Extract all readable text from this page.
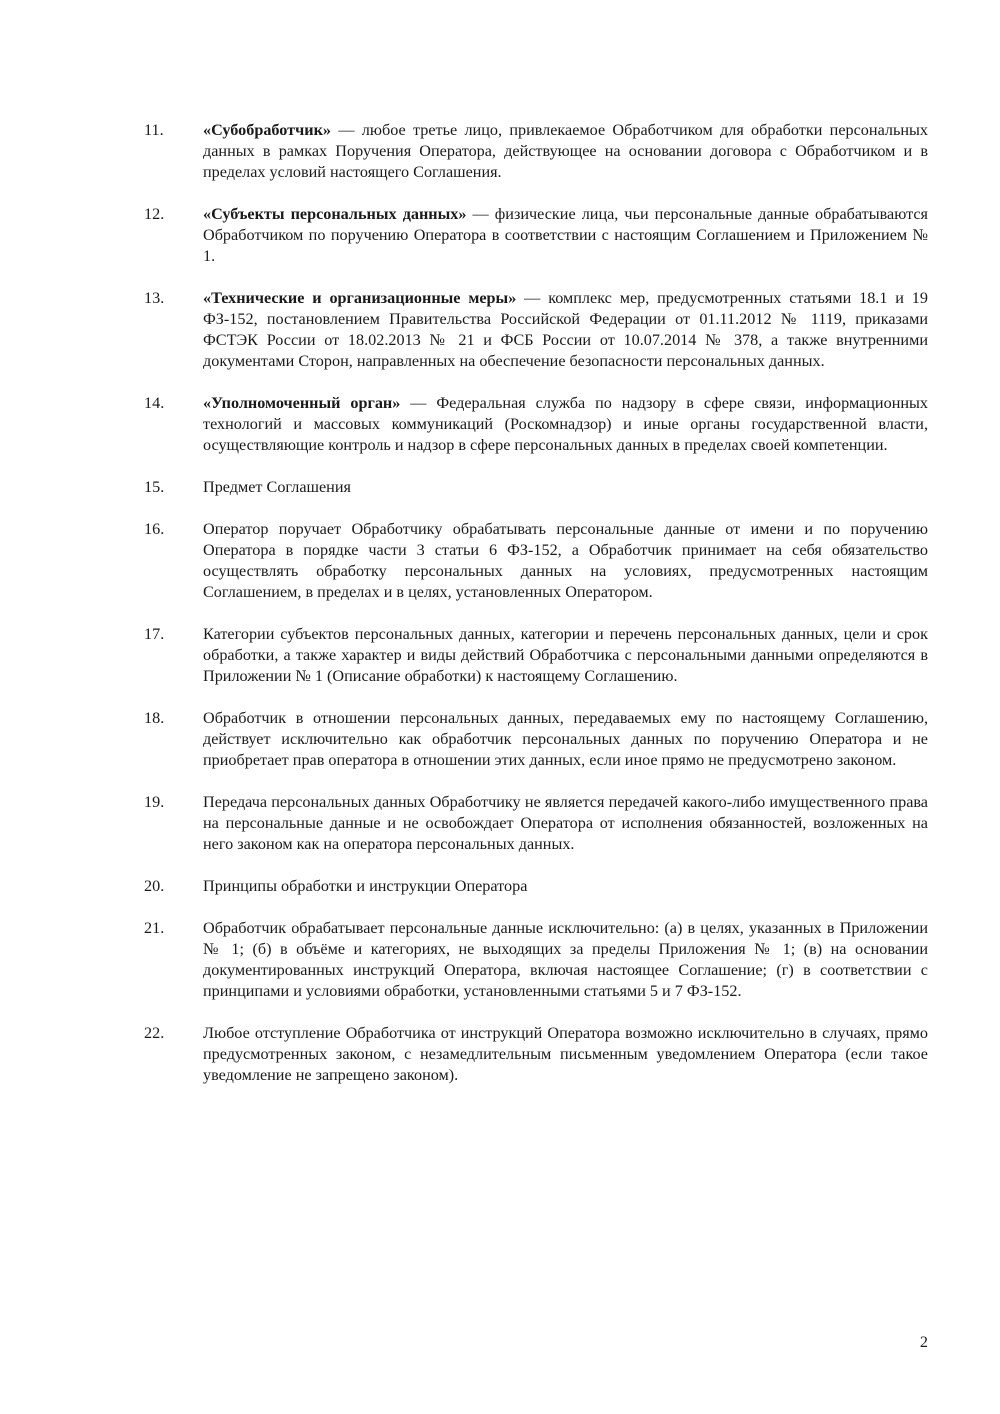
11.	«Субобработчик» — любое третье лицо, привлекаемое Обработчиком для обработки персональных данных в рамках Поручения Оператора, действующее на основании договора с Обработчиком и в пределах условий настоящего Соглашения.
12.	«Субъекты персональных данных» — физические лица, чьи персональные данные обрабатываются Обработчиком по поручению Оператора в соответствии с настоящим Соглашением и Приложением № 1.
13.	«Технические и организационные меры» — комплекс мер, предусмотренных статьями 18.1 и 19 ФЗ-152, постановлением Правительства Российской Федерации от 01.11.2012 № 1119, приказами ФСТЭК России от 18.02.2013 № 21 и ФСБ России от 10.07.2014 № 378, а также внутренними документами Сторон, направленных на обеспечение безопасности персональных данных.
14.	«Уполномоченный орган» — Федеральная служба по надзору в сфере связи, информационных технологий и массовых коммуникаций (Роскомнадзор) и иные органы государственной власти, осуществляющие контроль и надзор в сфере персональных данных в пределах своей компетенции.
15.	Предмет Соглашения
16.	Оператор поручает Обработчику обрабатывать персональные данные от имени и по поручению Оператора в порядке части 3 статьи 6 ФЗ-152, а Обработчик принимает на себя обязательство осуществлять обработку персональных данных на условиях, предусмотренных настоящим Соглашением, в пределах и в целях, установленных Оператором.
17.	Категории субъектов персональных данных, категории и перечень персональных данных, цели и срок обработки, а также характер и виды действий Обработчика с персональными данными определяются в Приложении № 1 (Описание обработки) к настоящему Соглашению.
18.	Обработчик в отношении персональных данных, передаваемых ему по настоящему Соглашению, действует исключительно как обработчик персональных данных по поручению Оператора и не приобретает прав оператора в отношении этих данных, если иное прямо не предусмотрено законом.
19.	Передача персональных данных Обработчику не является передачей какого-либо имущественного права на персональные данные и не освобождает Оператора от исполнения обязанностей, возложенных на него законом как на оператора персональных данных.
20.	Принципы обработки и инструкции Оператора
21.	Обработчик обрабатывает персональные данные исключительно: (а) в целях, указанных в Приложении № 1; (б) в объёме и категориях, не выходящих за пределы Приложения № 1; (в) на основании документированных инструкций Оператора, включая настоящее Соглашение; (г) в соответствии с принципами и условиями обработки, установленными статьями 5 и 7 ФЗ-152.
22.	Любое отступление Обработчика от инструкций Оператора возможно исключительно в случаях, прямо предусмотренных законом, с незамедлительным письменным уведомлением Оператора (если такое уведомление не запрещено законом).
2
